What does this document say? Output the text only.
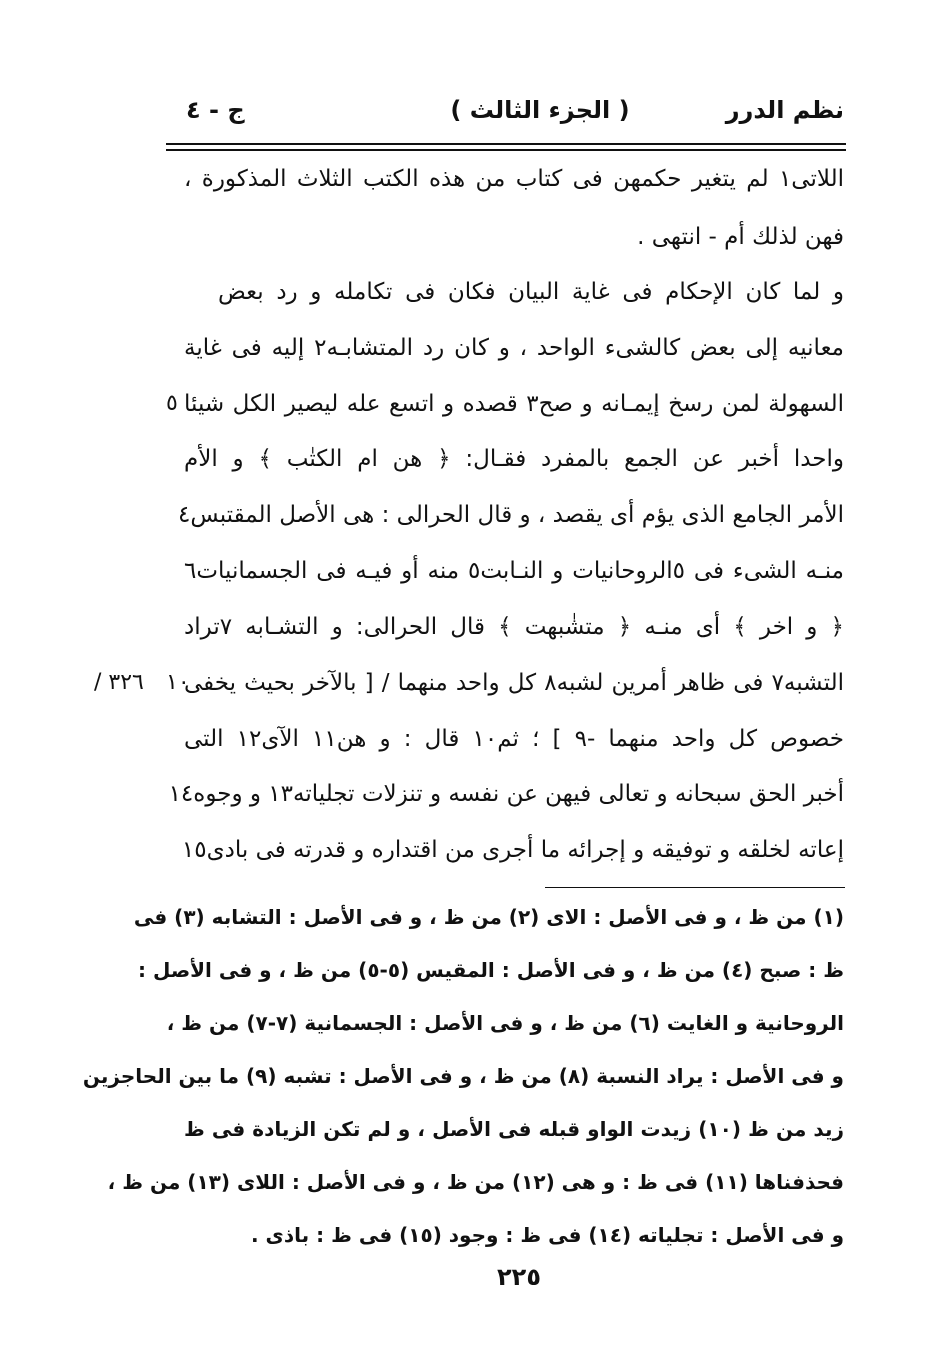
نظم الدرر
( الجزء الثالث )
ج - ٤
اللاتى١ لم يتغير حكمهن فى كتاب من هذه الكتب الثلاث المذكورة ،
فهن لذلك أم - انتهى .
و لما كان الإحكام فى غاية البيان فكان فى تكامله و رد بعض
معانيه إلى بعض كالشىء الواحد ، و كان رد المتشابـه٢ إليه فى غاية
السهولة لمن رسخ إيمـانه و صح٣ قصده و اتسع عله ليصير الكل شيئا
واحدا أخبر عن الجمع بالمفرد فقـال: ﴿ هن ام الكتٰب ﴾ و الأم
الأمر الجامع الذى يؤم أى يقصد ، و قال الحرالى : هى الأصل المقتبس٤
منـه الشىء فى ٥الروحانيات و النـابت٥ منه أو فيـه فى الجسمانيات٦
﴿ و اخر ﴾ أى منـه ﴿ متشٰبهت ﴾ قال الحرالى: و التشـابه ٧تراد
التشبه٧ فى ظاهر أمرين لشبه٨ كل واحد منهما / [ بالآخر بحيث يخفى
خصوص كل واحد منهما -٩ ] ؛ ثم١٠ قال : و هن١١ الآى١٢ التى
أخبر الحق سبحانه و تعالى فيهن عن نفسه و تنزلات تجلياته١٣ و وجوه١٤
إعاته لخلقه و توفيقه و إجرائه ما أجرى من اقتداره و قدرته فى بادى١٥
٥
١٠
/ ٣٢٦
(١) من ظ ، و فى الأصل : الاى (٢) من ظ ، و فى الأصل : التشابه (٣) فى
ظ : صبح (٤) من ظ ، و فى الأصل : المقيس (٥-٥) من ظ ، و فى الأصل :
الروحانية و الغايت (٦) من ظ ، و فى الأصل : الجسمانية (٧-٧) من ظ ،
و فى الأصل : يراد النسبة (٨) من ظ ، و فى الأصل : تشبه (٩) ما بين الحاجزين
زيد من ظ (١٠) زيدت الواو قبله فى الأصل ، و لم تكن الزيادة فى ظ
فحذفناها (١١) فى ظ : و هى (١٢) من ظ ، و فى الأصل : اللاى (١٣) من ظ ،
و فى الأصل : تجلياته (١٤) فى ظ : وجود (١٥) فى ظ : باذى .
٢٢٥
